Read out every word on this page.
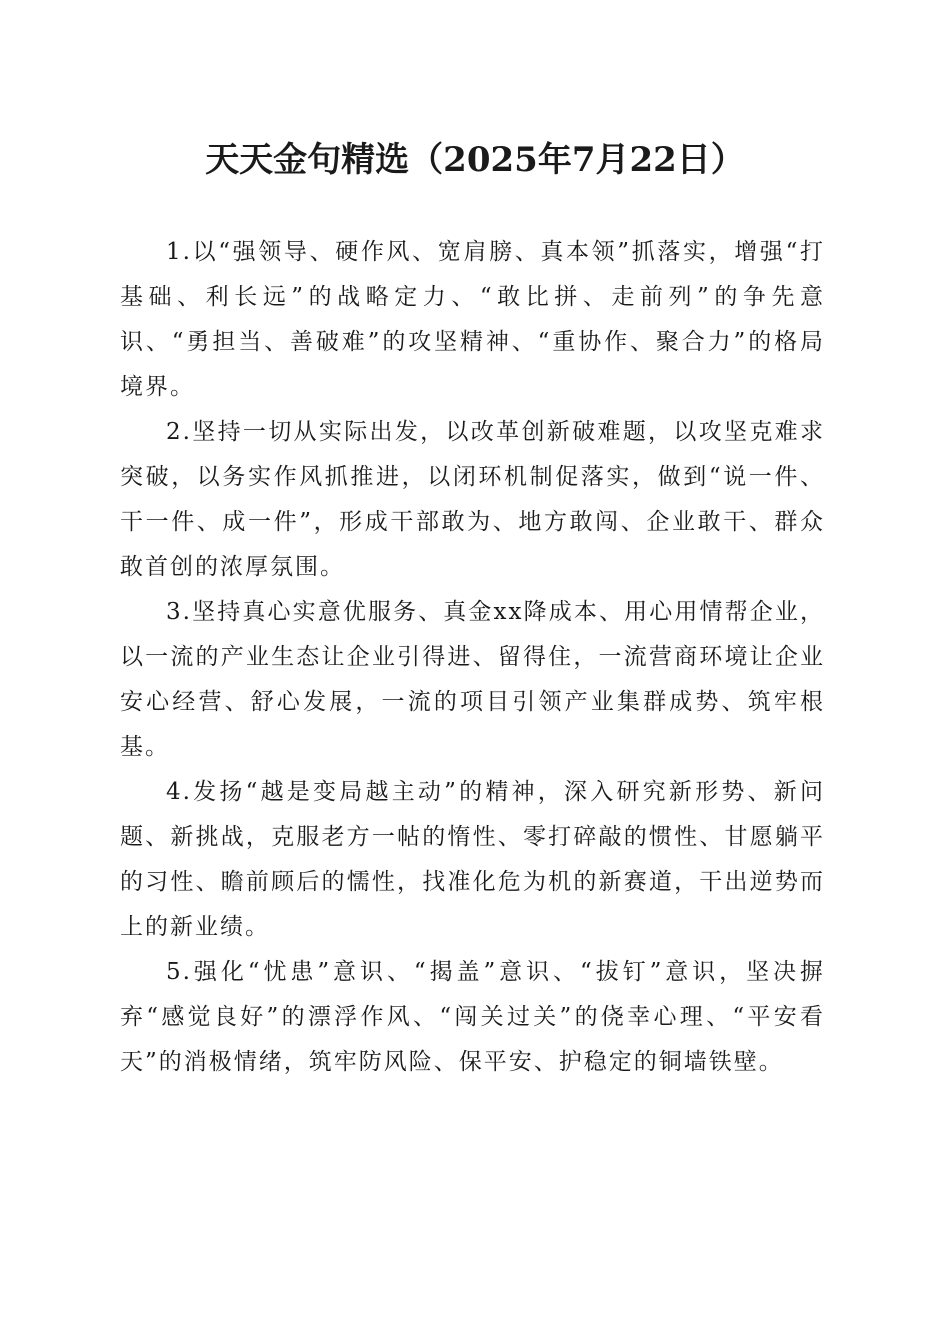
天天金句精选（2025年7月22日）

1.以“强领导、硬作风、宽肩膀、真本领”抓落实，增强“打基础、利长远”的战略定力、“敢比拼、走前列”的争先意识、“勇担当、善破难”的攻坚精神、“重协作、聚合力”的格局境界。

2.坚持一切从实际出发，以改革创新破难题，以攻坚克难求突破，以务实作风抓推进，以闭环机制促落实，做到“说一件、干一件、成一件”，形成干部敢为、地方敢闯、企业敢干、群众敢首创的浓厚氛围。

3.坚持真心实意优服务、真金xx降成本、用心用情帮企业，以一流的产业生态让企业引得进、留得住，一流营商环境让企业安心经营、舒心发展，一流的项目引领产业集群成势、筑牢根基。

4.发扬“越是变局越主动”的精神，深入研究新形势、新问题、新挑战，克服老方一帖的惰性、零打碎敲的惯性、甘愿躺平的习性、瞻前顾后的懦性，找准化危为机的新赛道，干出逆势而上的新业绩。

5.强化“忧患”意识、“揭盖”意识、“拔钉”意识，坚决摒弃“感觉良好”的漂浮作风、“闯关过关”的侥幸心理、“平安看天”的消极情绪，筑牢防风险、保平安、护稳定的铜墙铁壁。
